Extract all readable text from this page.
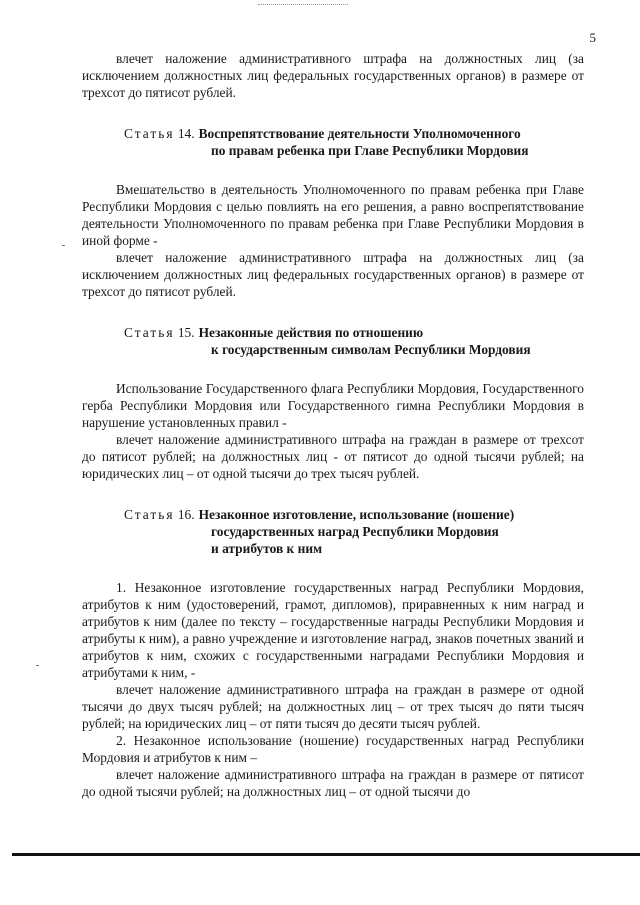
5

влечет наложение административного штрафа на должностных лиц (за исключением должностных лиц федеральных государственных органов) в размере от трехсот до пятисот рублей.

Статья
14. Воспрепятствование деятельности Уполномоченного
по правам ребенка при Главе Республики Мордовия

Вмешательство в деятельность Уполномоченного по правам ребенка при Главе Республики Мордовия с целью повлиять на его решения, а равно воспрепятствование деятельности Уполномоченного по правам ребенка при Главе Республики Мордовия в иной форме -

влечет наложение административного штрафа на должностных лиц (за исключением должностных лиц федеральных государственных органов) в размере от трехсот до пятисот рублей.

Статья
15. Незаконные действия по отношению
к государственным символам Республики Мордовия

Использование Государственного флага Республики Мордовия, Государственного герба Республики Мордовия или Государственного гимна Республики Мордовия в нарушение установленных правил -

влечет наложение административного штрафа на граждан в размере от трехсот до пятисот рублей; на должностных лиц - от пятисот до одной тысячи рублей; на юридических лиц – от одной тысячи до трех тысяч рублей.

Статья
16. Незаконное изготовление, использование (ношение)
государственных наград Республики Мордовия
и атрибутов к ним

1. Незаконное изготовление государственных наград Республики Мордовия, атрибутов к ним (удостоверений, грамот, дипломов), приравненных к ним наград и атрибутов к ним (далее по тексту – государственные награды Республики Мордовия и атрибуты к ним), а равно учреждение и изготовление наград, знаков почетных званий и атрибутов к ним, схожих с государственными наградами Республики Мордовия и атрибутами к ним, -

влечет наложение административного штрафа на граждан в размере от одной тысячи до двух тысяч рублей; на должностных лиц – от трех тысяч до пяти тысяч рублей; на юридических лиц – от пяти тысяч до десяти тысяч рублей.

2. Незаконное использование (ношение) государственных наград Республики Мордовия и атрибутов к ним –

влечет наложение административного штрафа на граждан в размере от пятисот до одной тысячи рублей; на должностных лиц – от одной тысячи до
